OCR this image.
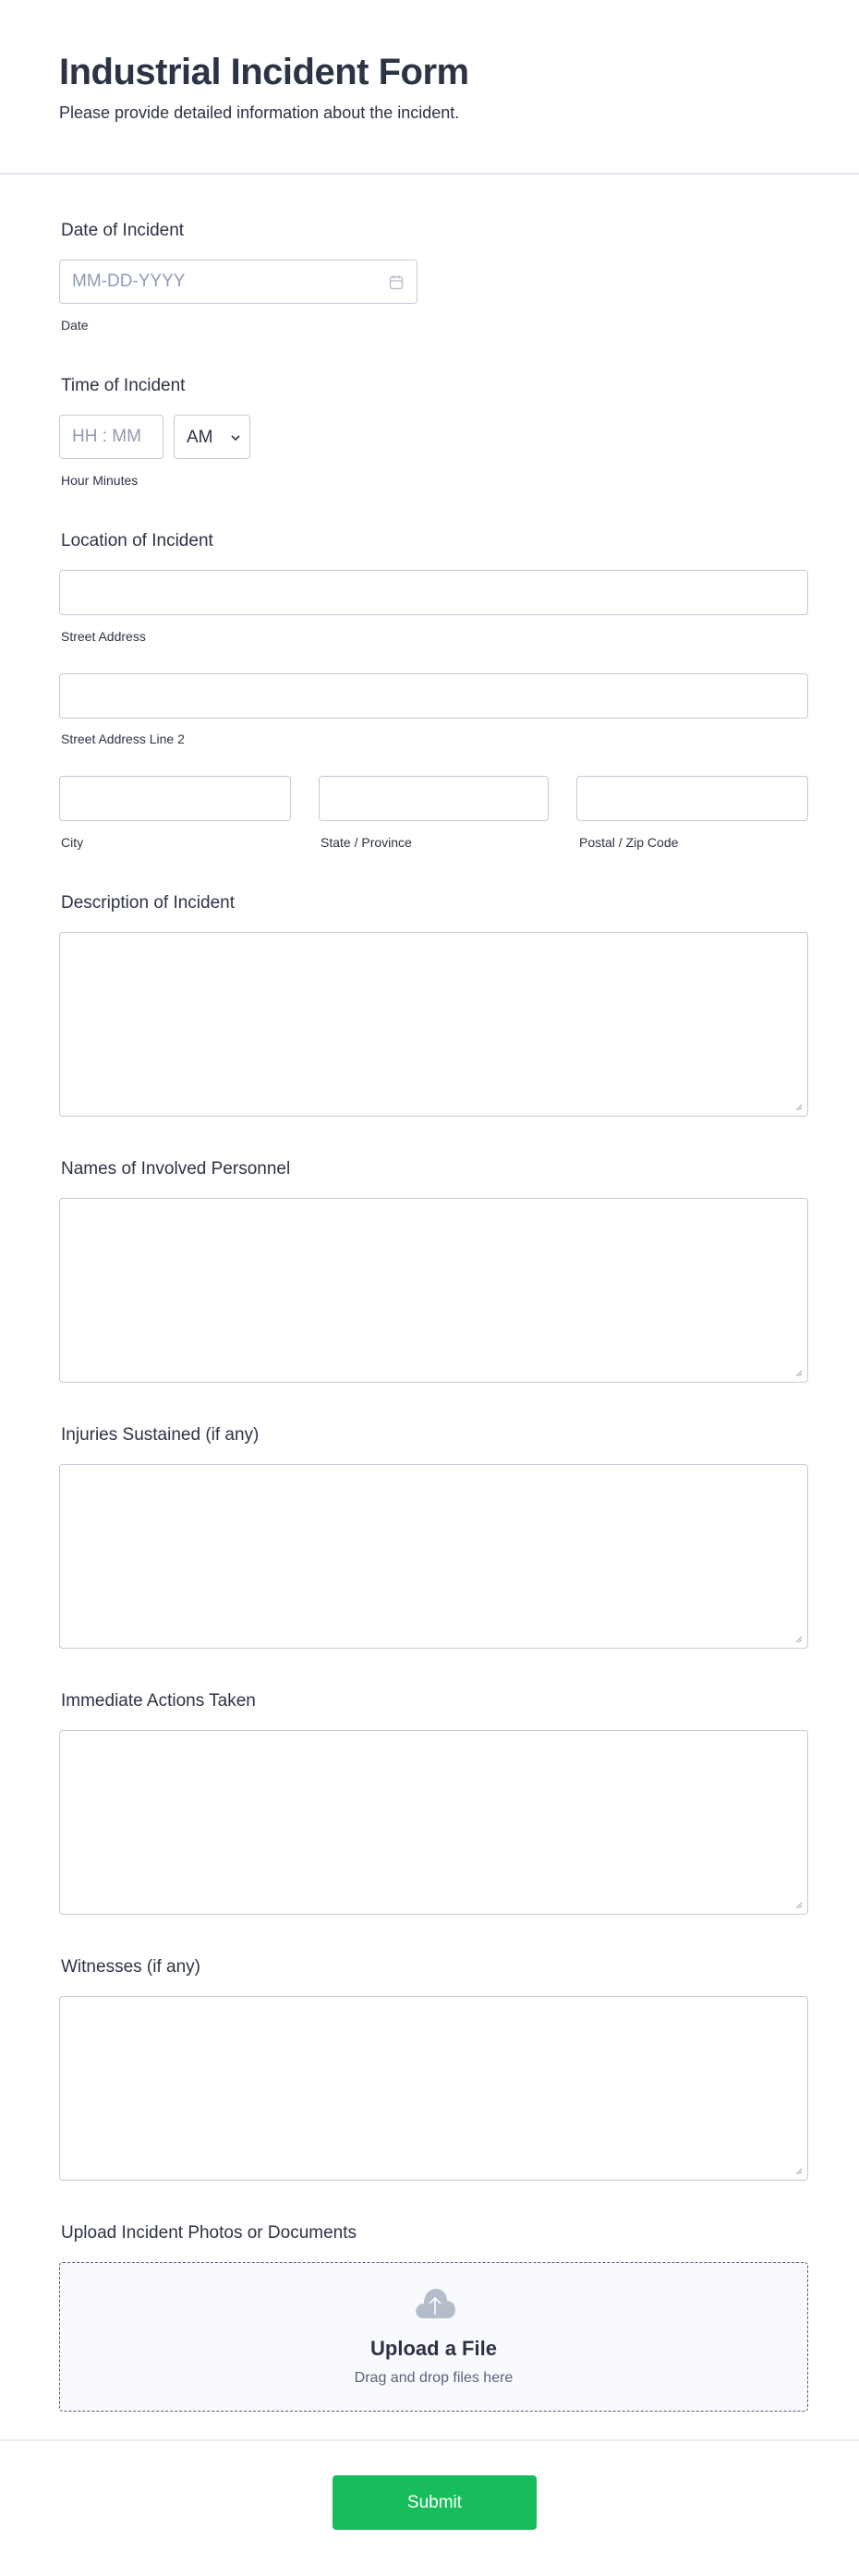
Industrial Incident Form
Please provide detailed information about the incident.
Date of Incident
MM-DD-YYYY
Date
Time of Incident
HH : MM	AM
Hour Minutes
Location of Incident
Street Address
Street Address Line 2
City	State / Province	Postal / Zip Code
Description of Incident
Names of Involved Personnel
Injuries Sustained (if any)
Immediate Actions Taken
Witnesses (if any)
Upload Incident Photos or Documents
Upload a File
Drag and drop files here
Submit
